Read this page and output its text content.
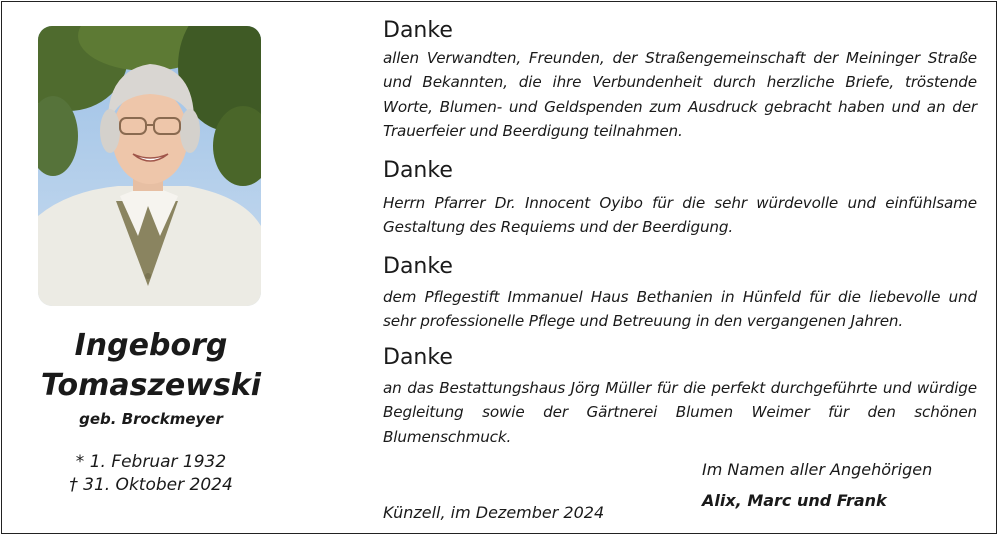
Ingeborg
Tomaszewski
geb. Brockmeyer
* 1. Februar 1932
† 31. Oktober 2024
Danke

allen Verwandten, Freunden, der Straßengemeinschaft der Meininger Straße und Bekannten, die ihre Verbundenheit durch herzliche Briefe, tröstende Worte, Blumen- und Geldspenden zum Ausdruck gebracht haben und an der Trauerfeier und Beerdigung teilnahmen.

Danke

Herrn Pfarrer Dr. Innocent Oyibo für die sehr würdevolle und einfühlsame Gestaltung des Requiems und der Beerdigung.

Danke

dem Pflegestift Immanuel Haus Bethanien in Hünfeld für die liebevolle und sehr professionelle Pflege und Betreuung in den vergangenen Jahren.

Danke

an das Bestattungshaus Jörg Müller für die perfekt durchgeführte und würdige Begleitung sowie der Gärtnerei Blumen Weimer für den schönen Blumenschmuck.

Im Namen aller Angehörigen
Alix, Marc und Frank
Künzell, im Dezember 2024
